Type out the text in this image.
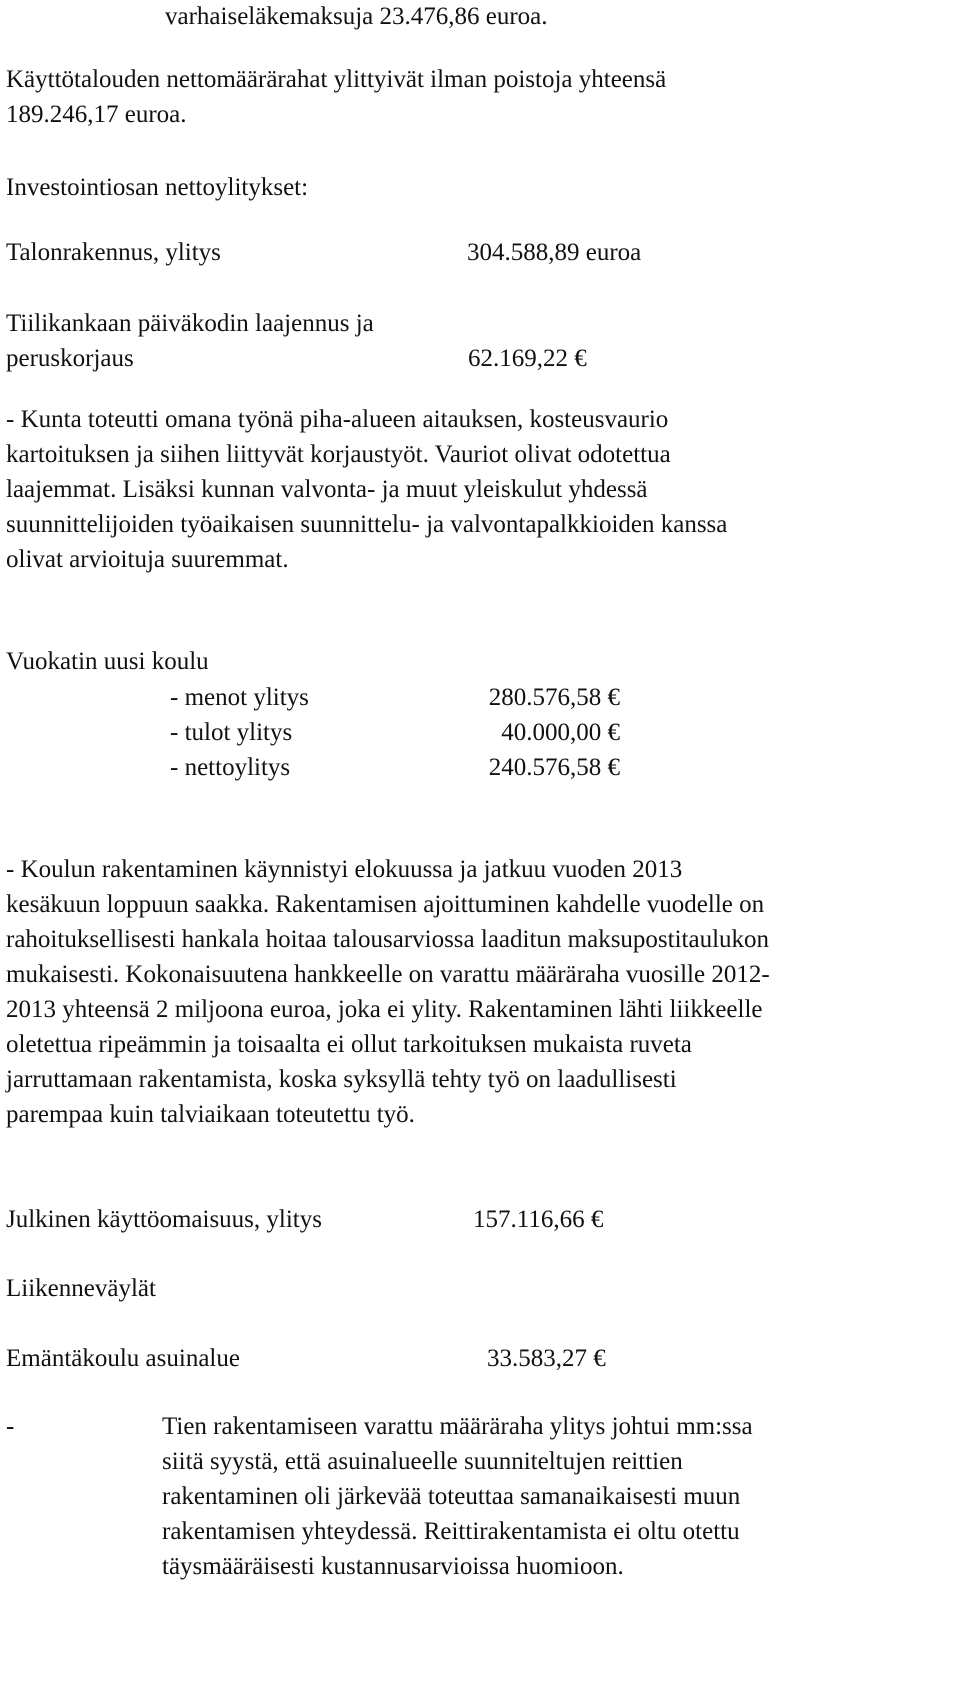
varhaiseläkemaksuja 23.476,86 euroa.
Käyttötalouden nettomäärärahat ylittyivät ilman poistoja yhteensä
189.246,17 euroa.
Investointiosan nettoylitykset:
Talonrakennus, ylitys	304.588,89 euroa
Tiilikankaan päiväkodin laajennus ja
peruskorjaus	62.169,22 €
- Kunta toteutti omana työnä piha-alueen aitauksen, kosteusvaurio
kartoituksen ja siihen liittyvät korjaustyöt. Vauriot olivat odotettua
laajemmat. Lisäksi kunnan valvonta- ja muut yleiskulut yhdessä
suunnittelijoiden työaikaisen suunnittelu- ja valvontapalkkioiden kanssa
olivat arvioituja suuremmat.
Vuokatin uusi koulu
- menot ylitys	280.576,58 €
- tulot ylitys	40.000,00 €
- nettoylitys	240.576,58 €
- Koulun rakentaminen käynnistyi elokuussa ja jatkuu vuoden 2013
kesäkuun loppuun saakka. Rakentamisen ajoittuminen kahdelle vuodelle on
rahoituksellisesti hankala hoitaa talousarviossa laaditun maksupostitaulukon
mukaisesti. Kokonaisuutena hankkeelle on varattu määräraha vuosille 2012-
2013 yhteensä 2 miljoona euroa, joka ei ylity. Rakentaminen lähti liikkeelle
oletettua ripeämmin ja toisaalta ei ollut tarkoituksen mukaista ruveta
jarruttamaan rakentamista, koska syksyllä tehty työ on laadullisesti
parempaa kuin talviaikaan toteutettu työ.
Julkinen käyttöomaisuus, ylitys	157.116,66 €
Liikenneväylät
Emäntäkoulu asuinalue	33.583,27 €
-	Tien rakentamiseen varattu määräraha ylitys johtui mm:ssa
siitä syystä, että asuinalueelle suunniteltujen reittien
rakentaminen oli järkevää toteuttaa samanaikaisesti muun
rakentamisen yhteydessä. Reittirakentamista ei oltu otettu
täysmääräisesti kustannusarvioissa huomioon.
